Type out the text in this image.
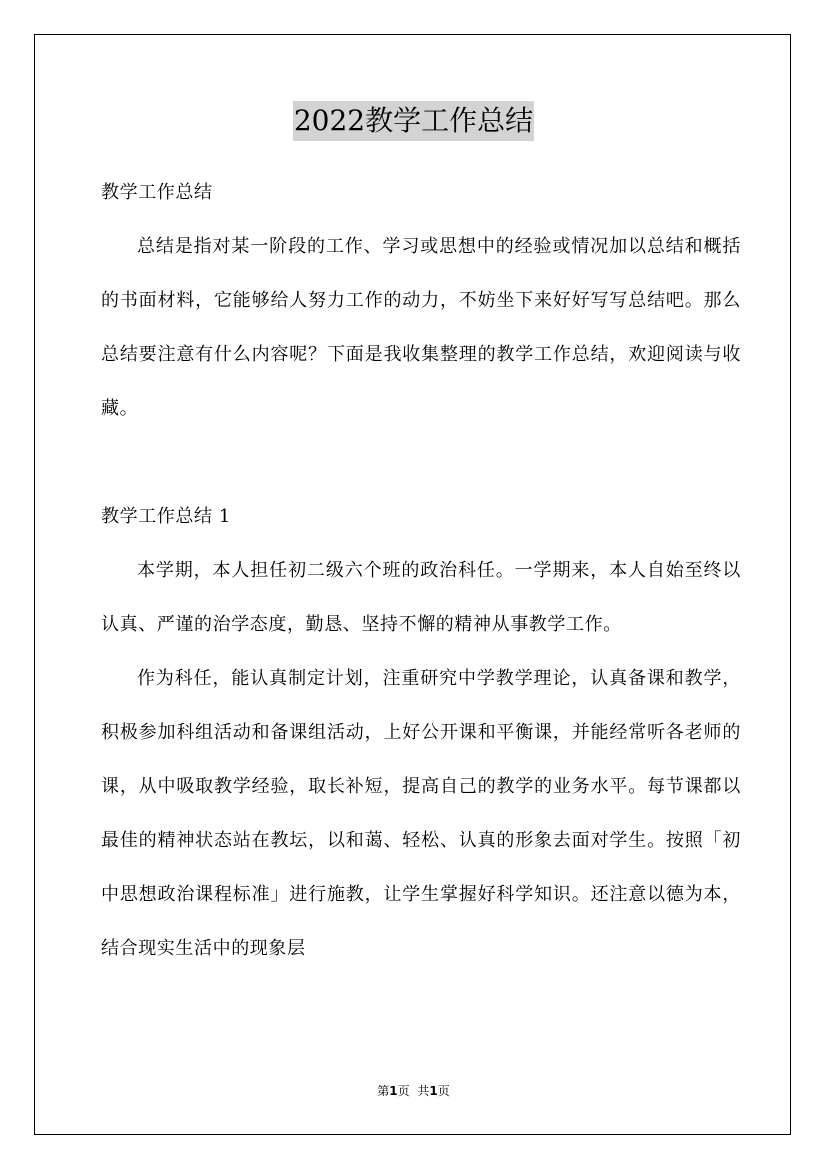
2022教学工作总结

教学工作总结

总结是指对某一阶段的工作、学习或思想中的经验或情况加以总结和概括的书面材料，它能够给人努力工作的动力，不妨坐下来好好写写总结吧。那么总结要注意有什么内容呢？下面是我收集整理的教学工作总结，欢迎阅读与收藏。

教学工作总结 1

本学期，本人担任初二级六个班的政治科任。一学期来，本人自始至终以认真、严谨的治学态度，勤恳、坚持不懈的精神从事教学工作。

作为科任，能认真制定计划，注重研究中学教学理论，认真备课和教学，积极参加科组活动和备课组活动，上好公开课和平衡课，并能经常听各老师的课，从中吸取教学经验，取长补短，提高自己的教学的业务水平。每节课都以最佳的精神状态站在教坛，以和蔼、轻松、认真的形象去面对学生。按照「初中思想政治课程标准」进行施教，让学生掌握好科学知识。还注意以德为本，结合现实生活中的现象层

第1页 共1页
